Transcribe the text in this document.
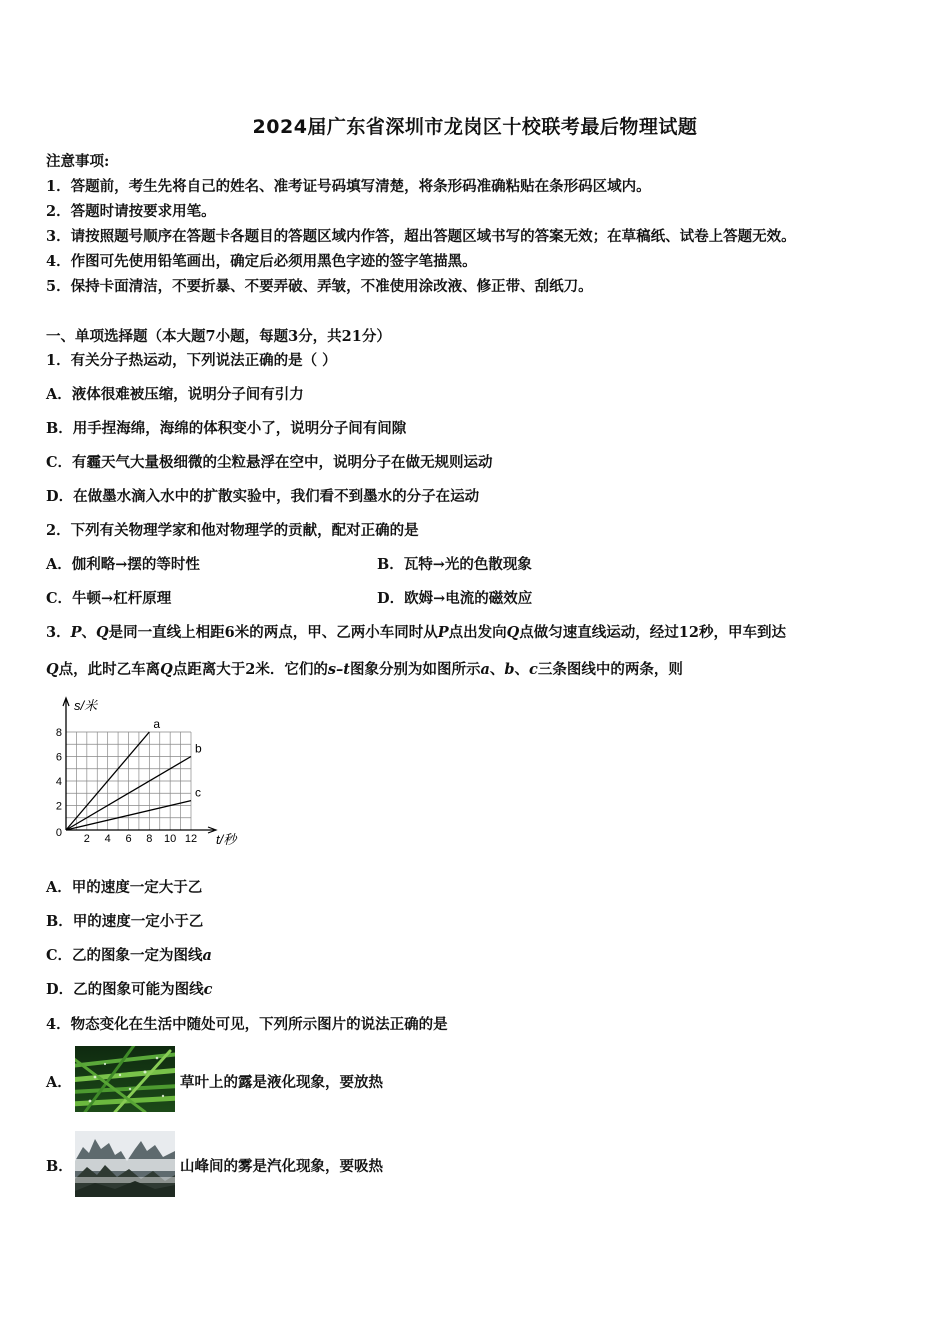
2024届广东省深圳市龙岗区十校联考最后物理试题
注意事项:
1．答题前，考生先将自己的姓名、准考证号码填写清楚，将条形码准确粘贴在条形码区域内。
2．答题时请按要求用笔。
3．请按照题号顺序在答题卡各题目的答题区域内作答，超出答题区域书写的答案无效；在草稿纸、试卷上答题无效。
4．作图可先使用铅笔画出，确定后必须用黑色字迹的签字笔描黑。
5．保持卡面清洁，不要折暴、不要弄破、弄皱，不准使用涂改液、修正带、刮纸刀。
一、单项选择题（本大题7小题，每题3分，共21分）
1．有关分子热运动，下列说法正确的是（ ）
A．液体很难被压缩，说明分子间有引力
B．用手捏海绵，海绵的体积变小了，说明分子间有间隙
C．有霾天气大量极细微的尘粒悬浮在空中，说明分子在做无规则运动
D．在做墨水滴入水中的扩散实验中，我们看不到墨水的分子在运动
2．下列有关物理学家和他对物理学的贡献，配对正确的是
A．伽利略→摆的等时性	B．瓦特→光的色散现象
C．牛顿→杠杆原理	D．欧姆→电流的磁效应
3．P、Q是同一直线上相距6米的两点，甲、乙两小车同时从P点出发向Q点做匀速直线运动，经过12秒，甲车到达
Q点，此时乙车离Q点距离大于2米．它们的s–t图象分别为如图所示a、b、c三条图线中的两条，则
s/米
t/秒
2 4 6 8 10 12
2
4
6
8
0
a
b
c
A．甲的速度一定大于乙
B．甲的速度一定小于乙
C．乙的图象一定为图线a
D．乙的图象可能为图线c
4．物态变化在生活中随处可见，下列所示图片的说法正确的是
A．	草叶上的露是液化现象，要放热
B．	山峰间的雾是汽化现象，要吸热
